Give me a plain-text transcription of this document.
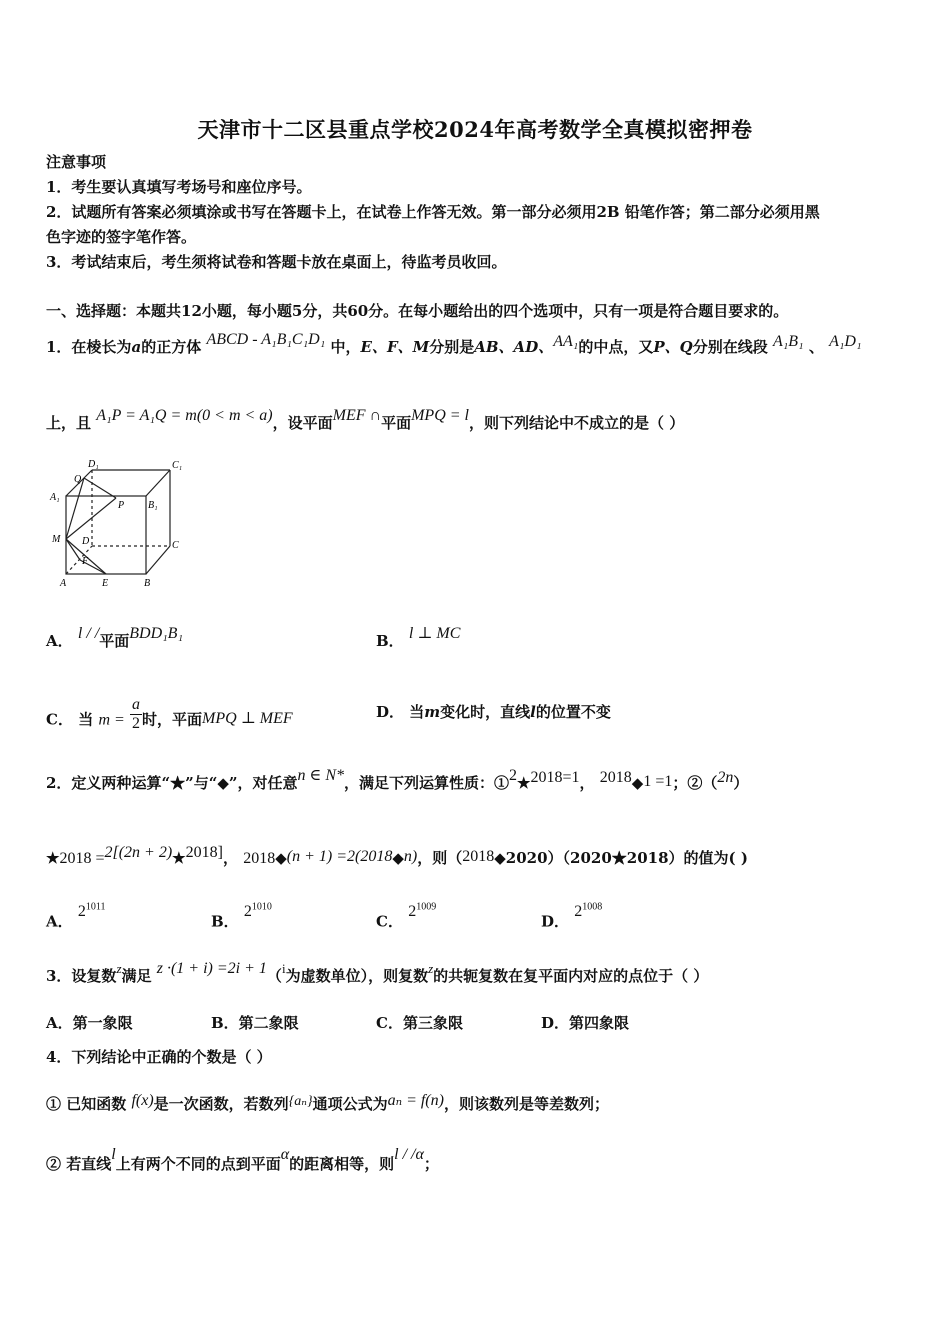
天津市十二区县重点学校2024年高考数学全真模拟密押卷
注意事项
1．考生要认真填写考场号和座位序号。
2．试题所有答案必须填涂或书写在答题卡上，在试卷上作答无效。第一部分必须用2B 铅笔作答；第二部分必须用黑
色字迹的签字笔作答。
3．考试结束后，考生须将试卷和答题卡放在桌面上，待监考员收回。
一、选择题：本题共12小题，每小题5分，共60分。在每小题给出的四个选项中，只有一项是符合题目要求的。
1．在棱长为a的正方体 ABCD - A₁B₁C₁D₁ 中，E、F、M分别是AB、AD、AA₁的中点，又P、Q分别在线段 A₁B₁ 、 A₁D₁
上，且 A₁P = A₁Q = m(0 < m < a)，设平面MEF ∩平面MPQ = l，则下列结论中不成立的是（ ）
D₁	C₁
A₁
Q
P B₁
M D	C
F
A	E	B
A． l / /平面BDD₁B₁	B． l ⊥ MC
C． 当 $m = \frac{a}{2}$ 时，平面MPQ ⊥ MEF	D． 当m变化时，直线l的位置不变
2．定义两种运算“★”与“◆”，对任意n ∈ N*，满足下列运算性质：①2★2018=1， 2018◆1 =1；②（2n）
★2018 =2[(2n + 2)★2018]， 2018◆(n + 1) =2(2018◆n)，则（2018◆2020）（2020★2018）的值为( )
A． $2^{1011}$
B． $2^{1010}$
C． $2^{1009}$
D． $2^{1008}$
3．设复数z满足 z ·(1 + i) =2i + 1（i为虚数单位），则复数z的共轭复数在复平面内对应的点位于（ ）
A．第一象限	B．第二象限	C．第三象限	D．第四象限
4．下列结论中正确的个数是（ ）
① 已知函数 f(x)是一次函数，若数列{aₙ}通项公式为aₙ = f(n)，则该数列是等差数列；
② 若直线l上有两个不同的点到平面α的距离相等，则l / /α；
